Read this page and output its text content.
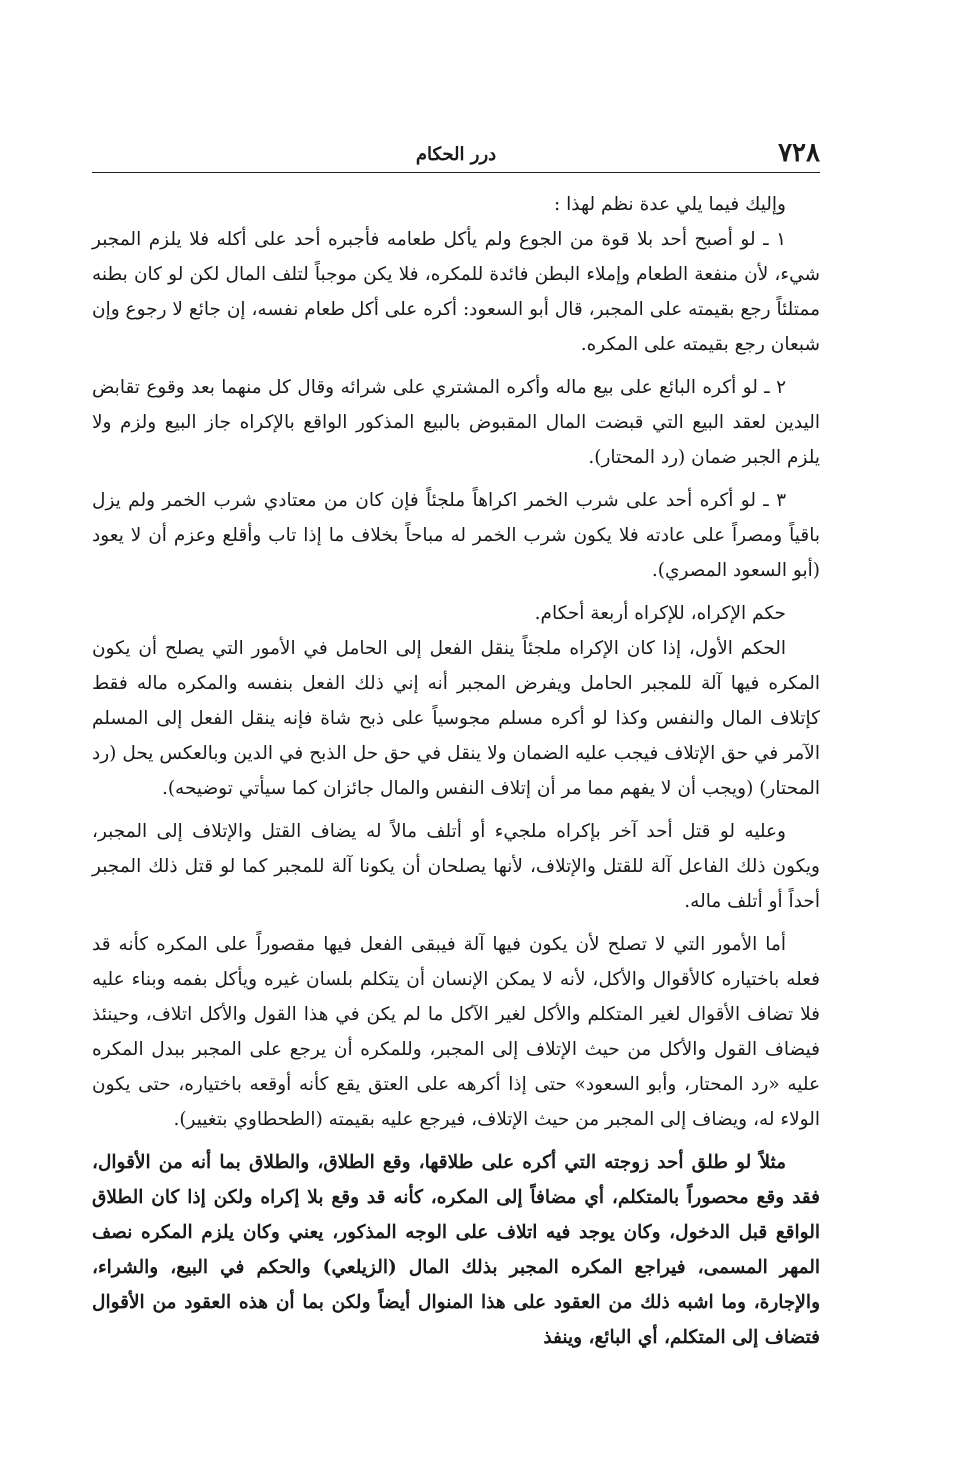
٧٢٨
درر الحكام

وإليك فيما يلي عدة نظم لهذا :

١ ـ لو أصبح أحد بلا قوة من الجوع ولم يأكل طعامه فأجبره أحد على أكله فلا يلزم المجبر شيء، لأن منفعة الطعام وإملاء البطن فائدة للمكره، فلا يكن موجباً لتلف المال لكن لو كان بطنه ممتلئاً رجع بقيمته على المجبر، قال أبو السعود: أكره على أكل طعام نفسه، إن جائع لا رجوع وإن شبعان رجع بقيمته على المكره.

٢ ـ لو أكره البائع على بيع ماله وأكره المشتري على شرائه وقال كل منهما بعد وقوع تقابض اليدين لعقد البيع التي قبضت المال المقبوض بالبيع المذكور الواقع بالإكراه جاز البيع ولزم ولا يلزم الجبر ضمان (رد المحتار).

٣ ـ لو أكره أحد على شرب الخمر اكراهاً ملجئاً فإن كان من معتادي شرب الخمر ولم يزل باقياً ومصراً على عادته فلا يكون شرب الخمر له مباحاً بخلاف ما إذا تاب وأقلع وعزم أن لا يعود (أبو السعود المصري).

حكم الإكراه، للإكراه أربعة أحكام.

الحكم الأول، إذا كان الإكراه ملجئاً ينقل الفعل إلى الحامل في الأمور التي يصلح أن يكون المكره فيها آلة للمجبر الحامل ويفرض المجبر أنه إني ذلك الفعل بنفسه والمكره ماله فقط كإتلاف المال والنفس وكذا لو أكره مسلم مجوسياً على ذبح شاة فإنه ينقل الفعل إلى المسلم الآمر في حق الإتلاف فيجب عليه الضمان ولا ينقل في حق حل الذبح في الدين وبالعكس يحل (رد المحتار) (ويجب أن لا يفهم مما مر أن إتلاف النفس والمال جائزان كما سيأتي توضيحه).

وعليه لو قتل أحد آخر بإكراه ملجيء أو أتلف مالاً له يضاف القتل والإتلاف إلى المجبر، ويكون ذلك الفاعل آلة للقتل والإتلاف، لأنها يصلحان أن يكونا آلة للمجبر كما لو قتل ذلك المجبر أحداً أو أتلف ماله.

أما الأمور التي لا تصلح لأن يكون فيها آلة فيبقى الفعل فيها مقصوراً على المكره كأنه قد فعله باختياره كالأقوال والأكل، لأنه لا يمكن الإنسان أن يتكلم بلسان غيره ويأكل بفمه وبناء عليه فلا تضاف الأقوال لغير المتكلم والأكل لغير الآكل ما لم يكن في هذا القول والأكل اتلاف، وحينئذ فيضاف القول والأكل من حيث الإتلاف إلى المجبر، وللمكره أن يرجع على المجبر ببدل المكره عليه «رد المحتار، وأبو السعود» حتى إذا أكرهه على العتق يقع كأنه أوقعه باختياره، حتى يكون الولاء له، ويضاف إلى المجبر من حيث الإتلاف، فيرجع عليه بقيمته (الطحطاوي بتغيير).

مثلاً لو طلق أحد زوجته التي أكره على طلاقها، وقع الطلاق، والطلاق بما أنه من الأقوال، فقد وقع محصوراً بالمتكلم، أي مضافاً إلى المكره، كأنه قد وقع بلا إكراه ولكن إذا كان الطلاق الواقع قبل الدخول، وكان يوجد فيه اتلاف على الوجه المذكور، يعني وكان يلزم المكره نصف المهر المسمى، فيراجع المكره المجبر بذلك المال (الزيلعي) والحكم في البيع، والشراء، والإجارة، وما اشبه ذلك من العقود على هذا المنوال أيضاً ولكن بما أن هذه العقود من الأقوال فتضاف إلى المتكلم، أي البائع، وينفذ
